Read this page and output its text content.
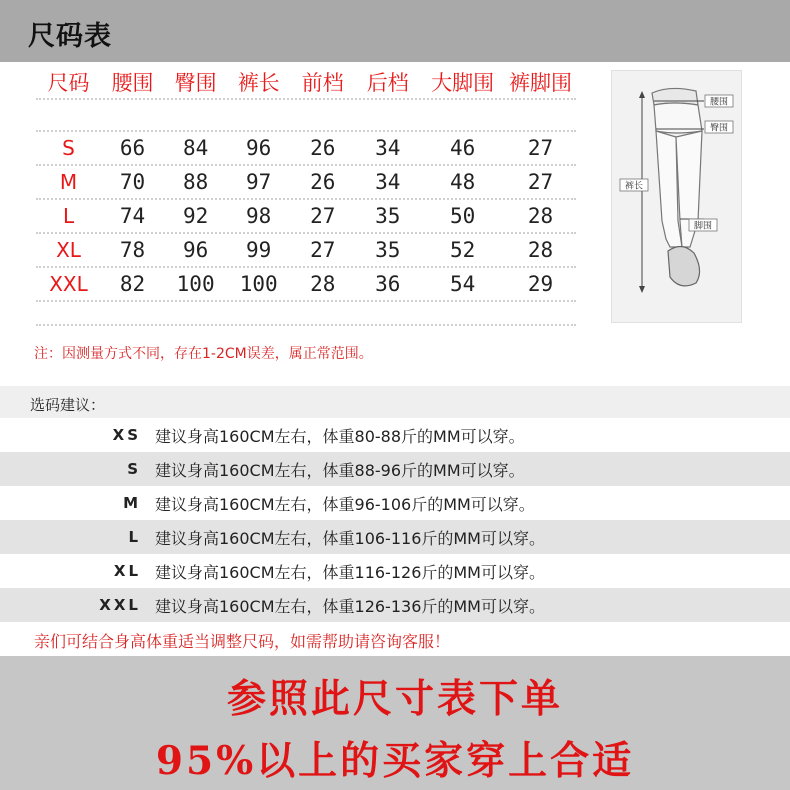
尺码表
尺码	腰围	臀围	裤长	前档	后档	大脚围 裤脚围
S	66	84	96	26	34	46	27
M	70	88	97	26	34	48	27
L	74	92	98	27	35	50	28
XL	78	96	99	27	35	52	28
XXL	82	100	100	28	36	54	29
腰围
臀围
裤长
脚围
注：因测量方式不同，存在1-2CM误差，属正常范围。
选码建议：
XS 建议身高160CM左右，体重80-88斤的MM可以穿。
S 建议身高160CM左右，体重88-96斤的MM可以穿。
M 建议身高160CM左右，体重96-106斤的MM可以穿。
L 建议身高160CM左右，体重106-116斤的MM可以穿。
XL 建议身高160CM左右，体重116-126斤的MM可以穿。
XXL 建议身高160CM左右，体重126-136斤的MM可以穿。
亲们可结合身高体重适当调整尺码，如需帮助请咨询客服！
参照此尺寸表下单
95%以上的买家穿上合适
